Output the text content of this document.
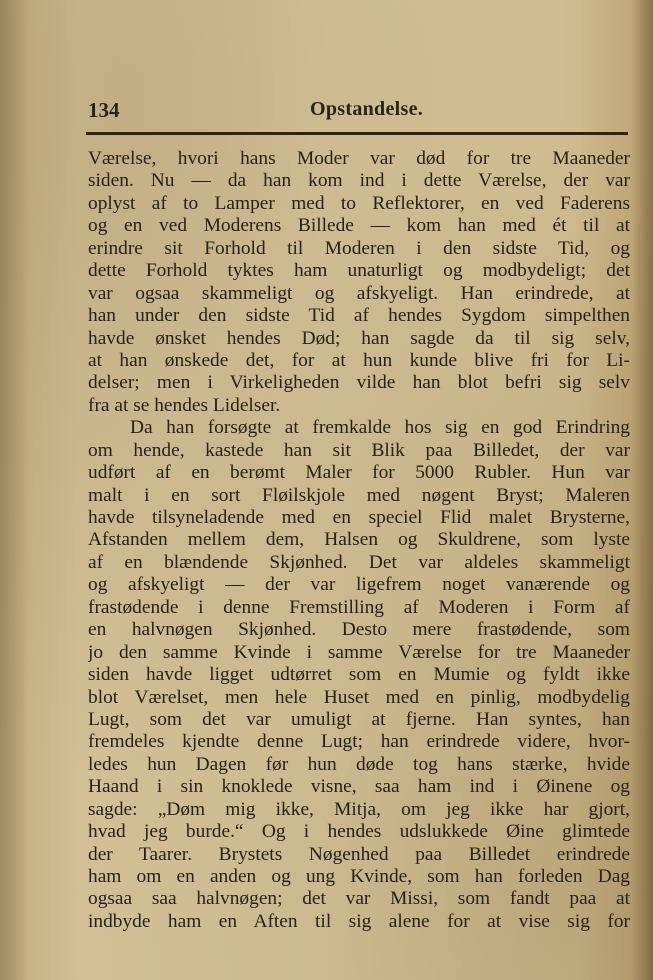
134	Opstandelse.
Værelse, hvori hans Moder var død for tre Maaneder
siden. Nu — da han kom ind i dette Værelse, der var
oplyst af to Lamper med to Reflektorer, en ved Faderens
og en ved Moderens Billede — kom han med ét til at
erindre sit Forhold til Moderen i den sidste Tid, og
dette Forhold tyktes ham unaturligt og modbydeligt; det
var ogsaa skammeligt og afskyeligt. Han erindrede, at
han under den sidste Tid af hendes Sygdom simpelthen
havde ønsket hendes Død; han sagde da til sig selv,
at han ønskede det, for at hun kunde blive fri for Li-
delser; men i Virkeligheden vilde han blot befri sig selv
fra at se hendes Lidelser.
Da han forsøgte at fremkalde hos sig en god Erindring
om hende, kastede han sit Blik paa Billedet, der var
udført af en berømt Maler for 5000 Rubler. Hun var
malt i en sort Fløilskjole med nøgent Bryst; Maleren
havde tilsyneladende med en speciel Flid malet Brysterne,
Afstanden mellem dem, Halsen og Skuldrene, som lyste
af en blændende Skjønhed. Det var aldeles skammeligt
og afskyeligt — der var ligefrem noget vanærende og
frastødende i denne Fremstilling af Moderen i Form af
en halvnøgen Skjønhed. Desto mere frastødende, som
jo den samme Kvinde i samme Værelse for tre Maaneder
siden havde ligget udtørret som en Mumie og fyldt ikke
blot Værelset, men hele Huset med en pinlig, modbydelig
Lugt, som det var umuligt at fjerne. Han syntes, han
fremdeles kjendte denne Lugt; han erindrede videre, hvor-
ledes hun Dagen før hun døde tog hans stærke, hvide
Haand i sin knoklede visne, saa ham ind i Øinene og
sagde: „Døm mig ikke, Mitja, om jeg ikke har gjort,
hvad jeg burde.“ Og i hendes udslukkede Øine glimtede
der Taarer. Brystets Nøgenhed paa Billedet erindrede
ham om en anden og ung Kvinde, som han forleden Dag
ogsaa saa halvnøgen; det var Missi, som fandt paa at
indbyde ham en Aften til sig alene for at vise sig for
